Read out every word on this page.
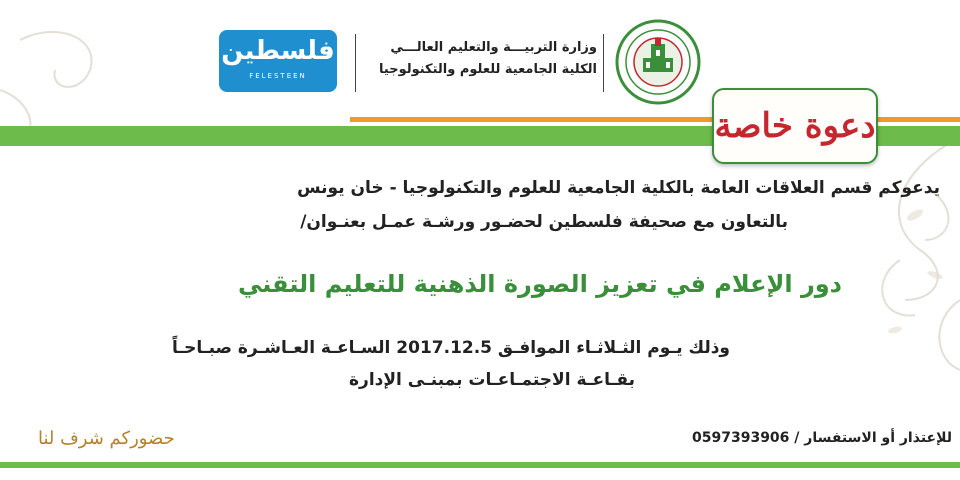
فلسطين
FELESTEEN
وزارة التربيـــة والتعليم العالـــي
الكلية الجامعية للعلوم والتكنولوجيا
دعوة خاصة
يدعوكم قسم العلاقات العامة بالكلية الجامعية للعلوم والتكنولوجيا - خان يونس
بالتعاون مع صحيفة فلسطين لحضـور ورشـة عمـل بعنـوان/
دور الإعلام في تعزيز الصورة الذهنية للتعليم التقني
وذلك يـوم الثـلاثـاء الموافـق 2017.12.5 السـاعـة العـاشـرة صبـاحـاً
بقـاعـة الاجتمـاعـات بمبنـى الإدارة
للإعتذار أو الاستفسار / 0597393906
حضوركم شرف لنا
